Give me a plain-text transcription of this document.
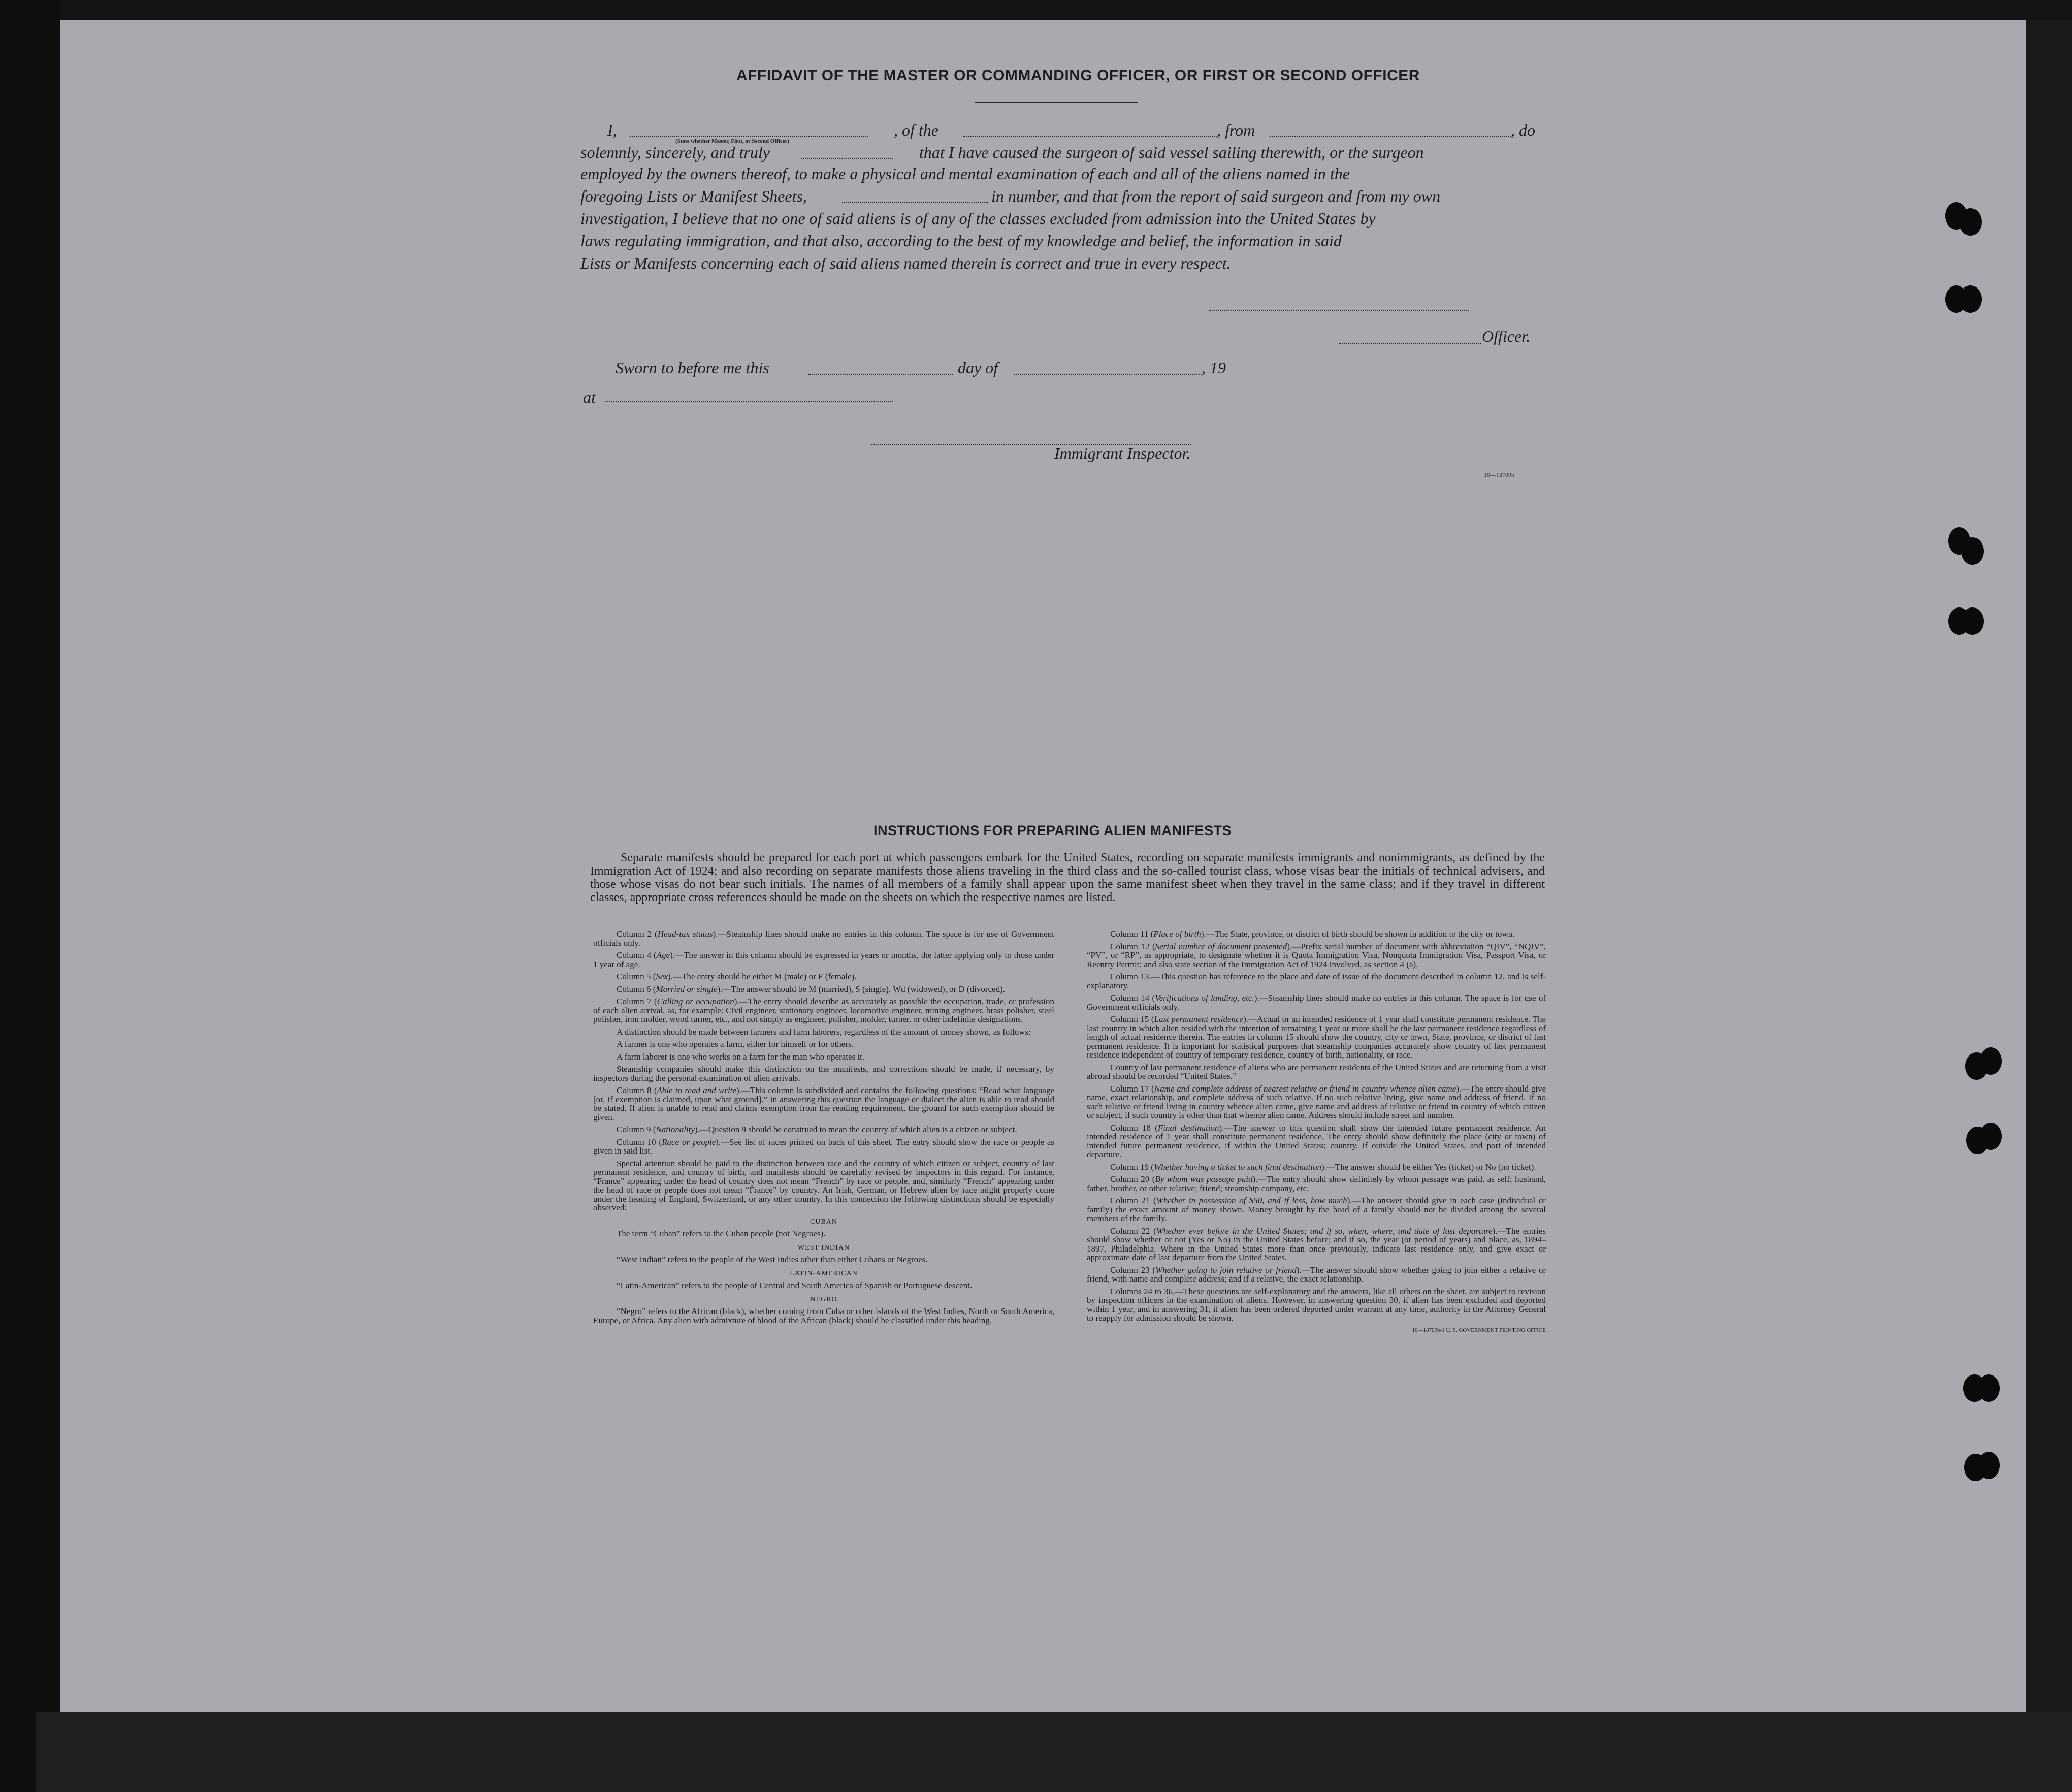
AFFIDAVIT OF THE MASTER OR COMMANDING OFFICER, OR FIRST OR SECOND OFFICER
I,
(State whether Master, First, or Second Officer)
, of the	, from	, do
solemnly, sincerely, and truly	that I have caused the surgeon of said vessel sailing therewith, or the surgeon
employed by the owners thereof, to make a physical and mental examination of each and all of the aliens named in the
foregoing Lists or Manifest Sheets,	in number, and that from the report of said surgeon and from my own
investigation, I believe that no one of said aliens is of any of the classes excluded from admission into the United States by
laws regulating immigration, and that also, according to the best of my knowledge and belief, the information in said
Lists or Manifests concerning each of said aliens named therein is correct and true in every respect.
Officer.
Sworn to before me this	day of	, 19
at
Immigrant Inspector.
10—18709b
INSTRUCTIONS FOR PREPARING ALIEN MANIFESTS
Separate manifests should be prepared for each port at which passengers embark for the United States, recording on separate manifests immigrants and nonimmigrants, as defined by the Immigration Act of 1924; and also recording on separate manifests those aliens traveling in the third class and the so-called tourist class, whose visas bear the initials of technical advisers, and those whose visas do not bear such initials. The names of all members of a family shall appear upon the same manifest sheet when they travel in the same class; and if they travel in different classes, appropriate cross references should be made on the sheets on which the respective names are listed.

Column 2 (Head-tax status).—Steamship lines should make no entries in this column. The space is for use of Government officials only.

Column 4 (Age).—The answer in this column should be expressed in years or months, the latter applying only to those under 1 year of age.

Column 5 (Sex).—The entry should be either M (male) or F (female).

Column 6 (Married or single).—The answer should be M (married), S (single), Wd (widowed), or D (divorced).

Column 7 (Calling or occupation).—The entry should describe as accurately as possible the occupation, trade, or profession of each alien arrival, as, for example: Civil engineer, stationary engineer, locomotive engineer, mining engineer, brass polisher, steel polisher, iron molder, wood turner, etc., and not simply as engineer, polisher, molder, turner, or other indefinite designations.

A distinction should be made between farmers and farm laborers, regardless of the amount of money shown, as follows:

A farmer is one who operates a farm, either for himself or for others.

A farm laborer is one who works on a farm for the man who operates it.

Steamship companies should make this distinction on the manifests, and corrections should be made, if necessary, by inspectors during the personal examination of alien arrivals.

Column 8 (Able to read and write).—This column is subdivided and contains the following questions: “Read what language [or, if exemption is claimed, upon what ground].” In answering this question the language or dialect the alien is able to read should be stated. If alien is unable to read and claims exemption from the reading requirement, the ground for such exemption should be given.

Column 9 (Nationality).—Question 9 should be construed to mean the country of which alien is a citizen or subject.

Column 10 (Race or people).—See list of races printed on back of this sheet. The entry should show the race or people as given in said list.

Special attention should be paid to the distinction between race and the country of which citizen or subject, country of last permanent residence, and country of birth, and manifests should be carefully revised by inspectors in this regard. For instance, “France” appearing under the head of country does not mean “French” by race or people, and, similarly “French” appearing under the head of race or people does not mean “France” by country. An Irish, German, or Hebrew alien by race might properly come under the heading of England, Switzerland, or any other country. In this connection the following distinctions should be especially observed:

CUBAN

The term “Cuban” refers to the Cuban people (not Negroes).

WEST INDIAN

“West Indian” refers to the people of the West Indies other than either Cubans or Negroes.

LATIN-AMERICAN

“Latin-American” refers to the people of Central and South America of Spanish or Portuguese descent.

NEGRO

“Negro” refers to the African (black), whether coming from Cuba or other islands of the West Indies, North or South America, Europe, or Africa. Any alien with admixture of blood of the African (black) should be classified under this heading.

Column 11 (Place of birth).—The State, province, or district of birth should be shown in addition to the city or town.

Column 12 (Serial number of document presented).—Prefix serial number of document with abbreviation “QIV”, “NQIV”, “PV”, or “RP”, as appropriate, to designate whether it is Quota Immigration Visa, Nonquota Immigration Visa, Passport Visa, or Reentry Permit; and also state section of the Immigration Act of 1924 involved, as section 4 (a).

Column 13.—This question has reference to the place and date of issue of the document described in column 12, and is self-explanatory.

Column 14 (Verifications of landing, etc.).—Steamship lines should make no entries in this column. The space is for use of Government officials only.

Column 15 (Last permanent residence).—Actual or an intended residence of 1 year shall constitute permanent residence. The last country in which alien resided with the intention of remaining 1 year or more shall be the last permanent residence regardless of length of actual residence therein. The entries in column 15 should show the country, city or town, State, province, or district of last permanent residence. It is important for statistical purposes that steamship companies accurately show country of last permanent residence independent of country of temporary residence, country of birth, nationality, or race.

Country of last permanent residence of aliens who are permanent residents of the United States and are returning from a visit abroad should be recorded “United States.”

Column 17 (Name and complete address of nearest relative or friend in country whence alien came).—The entry should give name, exact relationship, and complete address of such relative. If no such relative living, give name and address of friend. If no such relative or friend living in country whence alien came, give name and address of relative or friend in country of which citizen or subject, if such country is other than that whence alien came. Address should include street and number.

Column 18 (Final destination).—The answer to this question shall show the intended future permanent residence. An intended residence of 1 year shall constitute permanent residence. The entry should show definitely the place (city or town) of intended future permanent residence, if within the United States; country, if outside the United States, and port of intended departure.

Column 19 (Whether having a ticket to such final destination).—The answer should be either Yes (ticket) or No (no ticket).

Column 20 (By whom was passage paid).—The entry should show definitely by whom passage was paid, as self; husband, father, brother, or other relative; friend; steamship company, etc.

Column 21 (Whether in possession of $50, and if less, how much).—The answer should give in each case (individual or family) the exact amount of money shown. Money brought by the head of a family should not be divided among the several members of the family.

Column 22 (Whether ever before in the United States; and if so, when, where, and date of last departure).—The entries should show whether or not (Yes or No) in the United States before; and if so, the year (or period of years) and place, as, 1894–1897, Philadelphia. Where in the United States more than once previously, indicate last residence only, and give exact or approximate date of last departure from the United States.

Column 23 (Whether going to join relative or friend).—The answer should show whether going to join either a relative or friend, with name and complete address; and if a relative, the exact relationship.

Columns 24 to 36.—These questions are self-explanatory and the answers, like all others on the sheet, are subject to revision by inspection officers in the examination of aliens. However, in answering question 30, if alien has been excluded and deported within 1 year, and in answering 31, if alien has been ordered deported under warrant at any time, authority in the Attorney General to reapply for admission should be shown.

10—18709b-1 U. S. GOVERNMENT PRINTING OFFICE
